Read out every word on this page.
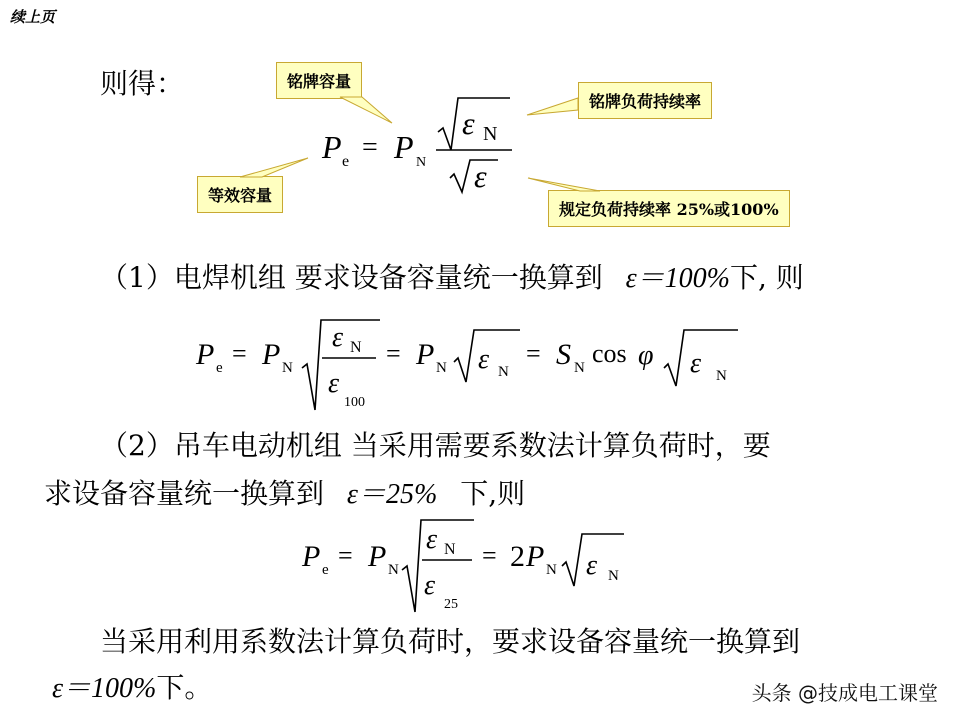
续上页
则得：	铭牌容量
铭牌负荷持续率
等效容量
规定负荷持续率 25%或100%
P e = P N
ε N
ε
（1）电焊机组 要求设备容量统一换算到 ε＝100%下, 则
P e = P N
ε N
ε
100
= P N ε N
= S N cos φ ε N
（2）吊车电动机组 当采用需要系数法计算负荷时，要
求设备容量统一换算到 ε＝25% 下,则
P e = P N
ε N
ε
25
= 2 P N ε N
当采用利用系数法计算负荷时，要求设备容量统一换算到
ε＝100%下。	头条 @技成电工课堂
